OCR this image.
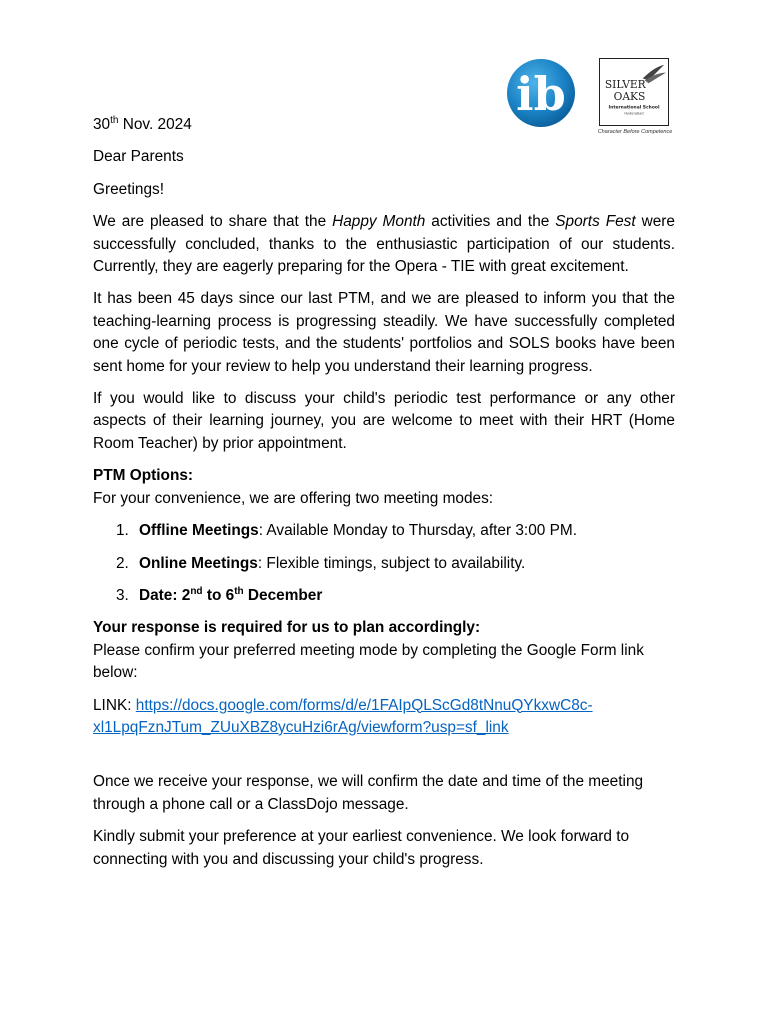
ib	SILVER
OAKS
International School
Hyderabad
Character Before Competence

30th Nov. 2024

Dear Parents

Greetings!

We are pleased to share that the Happy Month activities and the Sports Fest were successfully concluded, thanks to the enthusiastic participation of our students. Currently, they are eagerly preparing for the Opera - TIE with great excitement.

It has been 45 days since our last PTM, and we are pleased to inform you that the teaching-learning process is progressing steadily. We have successfully completed one cycle of periodic tests, and the students' portfolios and SOLS books have been sent home for your review to help you understand their learning progress.

If you would like to discuss your child's periodic test performance or any other aspects of their learning journey, you are welcome to meet with their HRT (Home Room Teacher) by prior appointment.

PTM Options:
For your convenience, we are offering two meeting modes:

1. Offline Meetings: Available Monday to Thursday, after 3:00 PM.
2. Online Meetings: Flexible timings, subject to availability.
3. Date: 2nd to 6th December

Your response is required for us to plan accordingly:
Please confirm your preferred meeting mode by completing the Google Form link below:

LINK: https://docs.google.com/forms/d/e/1FAIpQLScGd8tNnuQYkxwC8c-
xl1LpqFznJTum_ZUuXBZ8ycuHzi6rAg/viewform?usp=sf_link

Once we receive your response, we will confirm the date and time of the meeting through a phone call or a ClassDojo message.

Kindly submit your preference at your earliest convenience. We look forward to connecting with you and discussing your child's progress.
